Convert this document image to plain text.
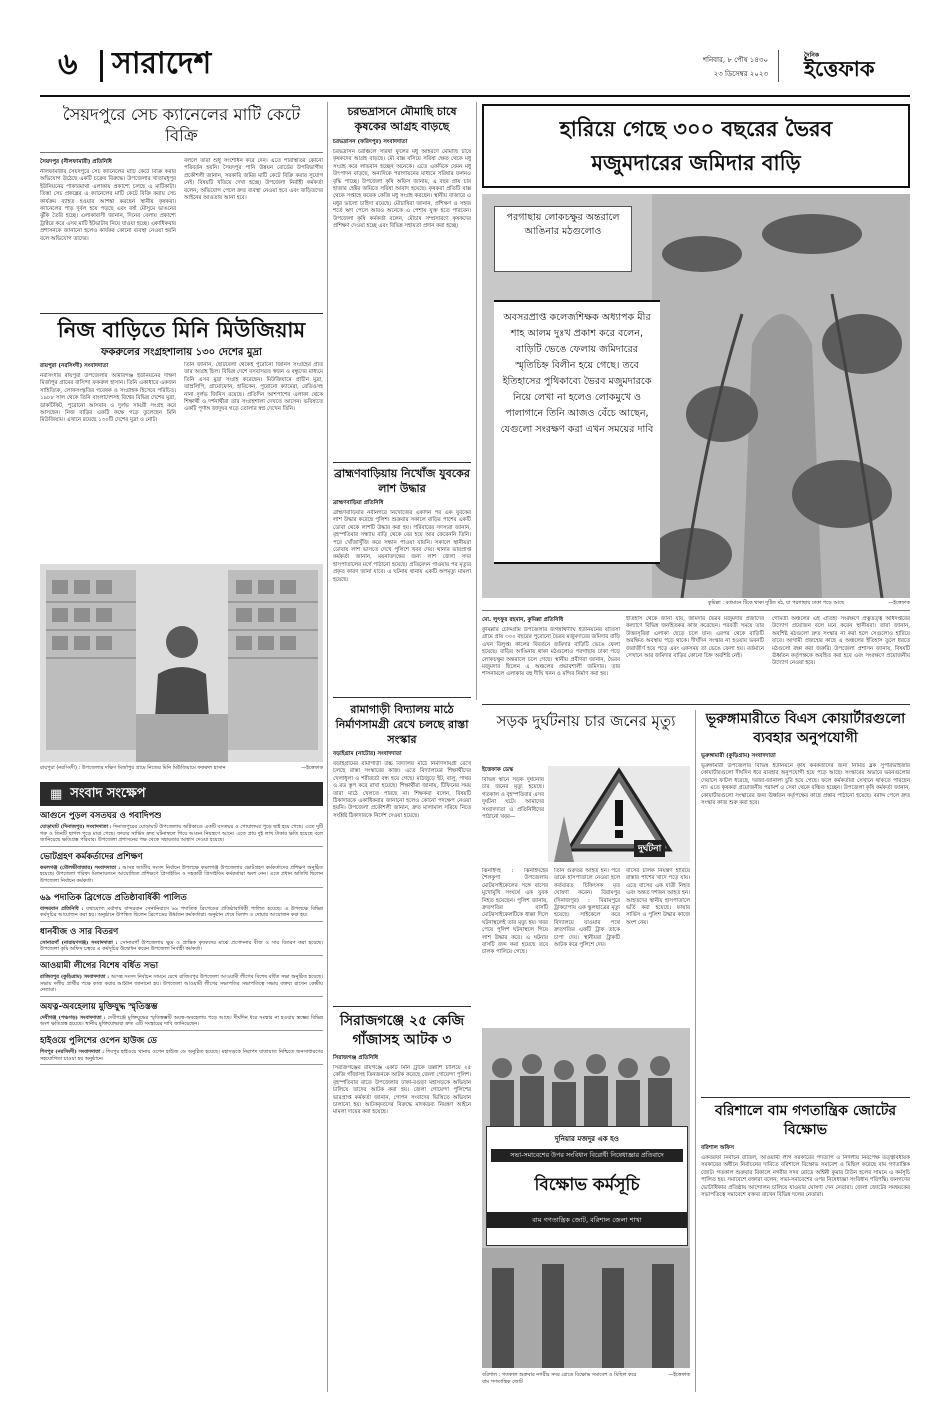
৬ সারাদেশ	শনিবার, ৮ পৌষ ১৪৩০
২৩ ডিসেম্বর ২০২৩
দৈনিক
ইত্তেফাক
সৈয়দপুরে সেচ ক্যানেলের মাটি কেটে বিক্রি
সৈয়দপুর (নীলফামারী) প্রতিনিধি
নীলফামারীর সৈয়দপুরে সেচ ক্যানেলের মাটি কেটে বিক্রি করার অভিযোগ উঠেছে একটি চক্রের বিরুদ্ধে। উপজেলার খাতামধুপুর ইউনিয়নের পাকারমাথা এলাকায় প্রকাশ্যে চলছে এ মাটিকাটা। তিস্তা সেচ প্রকল্পের এ ক্যানেলের মাটি কেটে বিক্রি করায় সেচ কার্যক্রম ব্যাহত হওয়ার আশঙ্কা করছেন স্থানীয় কৃষকরা। ক্যানেলের পাড় দুর্বল হয়ে পড়ছে এবং বর্ষা মৌসুমে ভাঙনের ঝুঁকি তৈরি হচ্ছে। এলাকাবাসী জানান, দিনের বেলায় প্রকাশ্যে ট্রাক্টরে করে এসব মাটি ইটভাটায় নিয়ে যাওয়া হচ্ছে। একাধিকবার প্রশাসনকে জানানো হলেও কার্যকর কোনো ব্যবস্থা নেওয়া হয়নি বলে অভিযোগ তাদের।
বললে তারা শুধু সংশোধন করে দেন। এতে পরিস্থিতির কোনো পরিবর্তন হয়নি। সৈয়দপুর পানি উন্নয়ন বোর্ডের উপবিভাগীয় প্রকৌশলী জানান, সরকারি জমির মাটি কেটে বিক্রি করার সুযোগ নেই। বিষয়টি খতিয়ে দেখা হচ্ছে। উপজেলা নির্বাহী কর্মকর্তা বলেন, অভিযোগ পেলে দ্রুত ব্যবস্থা নেওয়া হবে এবং জড়িতদের আইনের আওতায় আনা হবে।
নিজ বাড়িতে মিনি মিউজিয়াম
ফকরুলের সংগ্রহশালায় ১৩০ দেশের মুদ্রা
রায়পুরা (নরসিংদী) সংবাদদাতা
নরসিংদীর রায়পুরা উপজেলার আমীরগঞ্জ ইউনিয়নের দক্ষিণ মির্জাপুর গ্রামের বাসিন্দা ফকরুল হাসান। তিনি একাধারে একজন সাহিত্যিক, লোকসংস্কৃতির গবেষক ও সংগ্রাহক হিসেবে পরিচিত। ১৯৮৮ সাল থেকে তিনি বাংলাদেশসহ বিশ্বের বিভিন্ন দেশের মুদ্রা, ডাকটিকিট, পুরোনো আসবাব ও দুর্লভ সামগ্রী সংগ্রহ করে আসছেন। নিজ বাড়ির একটি কক্ষে গড়ে তুলেছেন মিনি মিউজিয়াম। এখানে রয়েছে ১৩০টি দেশের মুদ্রা ও নোট।
তিনি জানান, ছোটবেলা থেকেই পুরোনো জিনিস সংগ্রহের প্রতি তার আগ্রহ ছিল। বিভিন্ন দেশে বসবাসরত স্বজন ও বন্ধুদের মাধ্যমে তিনি এসব মুদ্রা সংগ্রহ করেছেন। মিউজিয়ামে প্রাচীন মুদ্রা, তাম্রলিপি, গ্রামোফোন, হারিকেন, পুরোনো ক্যামেরা, রেডিওসহ নানা দুর্লভ জিনিস রয়েছে। প্রতিদিন আশপাশের এলাকা থেকে শিক্ষার্থী ও দর্শনার্থীরা তার সংগ্রহশালা দেখতে আসেন। ভবিষ্যতে একটি পূর্ণাঙ্গ জাদুঘর গড়ে তোলার স্বপ্ন দেখেন তিনি।
রায়পুরা (নরসিংদী) : উপজেলার দক্ষিণ মির্জাপুর গ্রামে নিজের মিনি মিউজিয়ামে ফকরুল হাসান	—ইত্তেফাক
▦ সংবাদ সংক্ষেপ
আগুনে পুড়ল বসতঘর ও গবাদিপশু
ঘোড়াঘাট (দিনাজপুর) সংবাদদাতা : দিনাজপুরের ঘোড়াঘাট উপজেলায় অগ্নিকাণ্ডে একটি বসতঘর ও গোয়ালঘর পুড়ে ছাই হয়ে গেছে। এতে দুটি গরু ও তিনটি ছাগল পুড়ে মারা গেছে। ফায়ার সার্ভিস দ্রুত ঘটনাস্থলে গিয়ে আগুন নিয়ন্ত্রণে আনে। এতে প্রায় দুই লাখ টাকার ক্ষতি হয়েছে বলে জানিয়েছে ক্ষতিগ্রস্ত পরিবার। উপজেলা প্রশাসনের পক্ষ থেকে সহায়তার আশ্বাস দেওয়া হয়েছে।
ভোটগ্রহণ কর্মকর্তাদের প্রশিক্ষণ
কমলগঞ্জ (মৌলভীবাজার) সংবাদদাতা : আসন্ন জাতীয় সংসদ নির্বাচন উপলক্ষে কমলগঞ্জ উপজেলায় ভোটগ্রহণ কর্মকর্তাদের প্রশিক্ষণ অনুষ্ঠিত হয়েছে। উপজেলা পরিষদ মিলনায়তনে আয়োজিত প্রশিক্ষণে প্রিসাইডিং ও সহকারী প্রিসাইডিং কর্মকর্তারা অংশ নেন। এতে প্রধান অতিথি ছিলেন উপজেলা নির্বাচন কর্মকর্তা।
৬৯ পদাতিক ব্রিগেডে প্রতিষ্ঠাবার্ষিকী পালিত
বান্দরবান প্রতিনিধি : যথাযোগ্য মর্যাদায় বান্দরবান সেনানিবাসে ৬৯ পদাতিক ব্রিগেডের প্রতিষ্ঠাবার্ষিকী পালিত হয়েছে। এ উপলক্ষে বিভিন্ন কর্মসূচির আয়োজন করা হয়। অনুষ্ঠানে উপস্থিত ছিলেন ব্রিগেডের উর্ধ্বতন কর্মকর্তারা। অনুষ্ঠান শেষে মিলাদ ও দোয়ার আয়োজন করা হয়।
ধানবীজ ও সার বিতরণ
সোনারগাঁ (নারায়ণগঞ্জ) সংবাদদাতা : সোনারগাঁ উপজেলায় ক্ষুদ্র ও প্রান্তিক কৃষকদের মাঝে প্রণোদনার বীজ ও সার বিতরণ করা হয়েছে। উপজেলা কৃষি অফিস চত্বরে এ কর্মসূচির উদ্বোধন করেন উপজেলা নির্বাহী কর্মকর্তা।
আওয়ামী লীগের বিশেষ বর্ধিত সভা
রাজিবপুর (কুড়িগ্রাম) সংবাদদাতা : আসন্ন সংসদ নির্বাচন সামনে রেখে রাজিবপুর উপজেলা আওয়ামী লীগের বিশেষ বর্ধিত সভা অনুষ্ঠিত হয়েছে। সভায় দলীয় প্রার্থীর পক্ষে কাজ করার আহ্বান জানানো হয়। উপজেলা আওয়ামী লীগের সভাপতির সভাপতিত্বে সভায় বক্তব্য রাখেন কেন্দ্রীয় নেতারা।
অযত্ন-অবহেলায় মুক্তিযুদ্ধ স্মৃতিস্তম্ভ
দেবীগঞ্জ (পঞ্চগড়) সংবাদদাতা : দেবীগঞ্জে মুক্তিযুদ্ধের স্মৃতিস্তম্ভটি অযত্ন-অবহেলায় পড়ে আছে। দীর্ঘদিন ধরে সংস্কার না হওয়ায় স্তম্ভের বিভিন্ন অংশ ক্ষতিগ্রস্ত হয়েছে। স্থানীয় মুক্তিযোদ্ধারা দ্রুত এটি সংস্কারের দাবি জানিয়েছেন।
হাইওয়ে পুলিশের ওপেন হাউজ ডে
শিবপুর (নরসিংদী) সংবাদদাতা : শিবপুর হাইওয়ে থানায় ওপেন হাউজ ডে অনুষ্ঠিত হয়েছে। মহাসড়কে নিরাপদ যাতায়াত নিশ্চিতে জনসাধারণের সহযোগিতা চাওয়া হয় অনুষ্ঠানে।
চরভদ্রাসনে মৌমাছি চাষে কৃষকের আগ্রহ বাড়ছে
চরভদ্রাসন (ফরিদপুর) সংবাদদাতা
চরভদ্রাসন চরাঞ্চলে সরিষা ফুলের মধু আহরণে মৌমাছি চাষে কৃষকদের আগ্রহ বাড়ছে। মৌ বাক্স বসিয়ে সরিষা ক্ষেত থেকে মধু সংগ্রহ করে লাভবান হচ্ছেন অনেকে। এতে একদিকে যেমন মধু উৎপাদন বাড়ছে, অন্যদিকে পরাগায়নের মাধ্যমে সরিষার ফলনও বৃদ্ধি পাচ্ছে। উপজেলা কৃষি অফিস জানায়, এ বছর প্রায় চার হাজার হেক্টর জমিতে সরিষা আবাদ হয়েছে। কৃষকরা প্রতিটি বাক্স থেকে সপ্তাহে কয়েক কেজি মধু সংগ্রহ করছেন। স্থানীয় বাজারে এ মধুর ভালো চাহিদা রয়েছে। মৌচাষিরা জানান, প্রশিক্ষণ ও সহজ শর্তে ঋণ পেলে আরও অনেকে এ পেশায় যুক্ত হতে পারবেন। উপজেলা কৃষি কর্মকর্তা বলেন, মৌচাষ সম্প্রসারণে কৃষকদের প্রশিক্ষণ দেওয়া হচ্ছে এবং বিভিন্ন সহায়তা প্রদান করা হচ্ছে।
ব্রাহ্মণবাড়িয়ায় নিখোঁজ যুবকের লাশ উদ্ধার
ব্রাহ্মণবাড়িয়া প্রতিনিধি
ব্রাহ্মণবাড়িয়ার নবীনগরে নিখোঁজের একদিন পর এক যুবকের লাশ উদ্ধার করেছে পুলিশ। শুক্রবার সকালে বাড়ির পাশের একটি ডোবা থেকে লাশটি উদ্ধার করা হয়। পরিবারের সদস্যরা জানান, বৃহস্পতিবার সন্ধ্যায় বাড়ি থেকে বের হয়ে আর ফেরেননি তিনি। পরে খোঁজাখুঁজি করে সন্ধান পাওয়া যায়নি। সকালে স্থানীয়রা ডোবায় লাশ ভাসতে দেখে পুলিশে খবর দেয়। থানার ভারপ্রাপ্ত কর্মকর্তা জানান, ময়নাতদন্তের জন্য লাশ জেলা সদর হাসপাতালের মর্গে পাঠানো হয়েছে। প্রতিবেদন পাওয়ার পর মৃত্যুর প্রকৃত কারণ জানা যাবে। এ ঘটনায় থানায় একটি অপমৃত্যু মামলা হয়েছে।
রামাগাড়ী বিদ্যালয় মাঠে নির্মাণসামগ্রী রেখে চলছে রাস্তা সংস্কার
বড়াইগ্রাম (নাটোর) সংবাদদাতা
বড়াইগ্রামের রামাগাড়ী উচ্চ বিদ্যালয় মাঠে নির্মাণসামগ্রী রেখে চলছে রাস্তা সংস্কারের কাজ। এতে বিদ্যালয়ের শিক্ষার্থীদের খেলাধুলা ও শরীরচর্চা বন্ধ হয়ে গেছে। মাঠজুড়ে ইট, বালু, পাথর ও রড স্তূপ করে রাখা হয়েছে। শিক্ষার্থীরা জানায়, টিফিনের সময় তারা মাঠে খেলতে পারছে না। শিক্ষকরা বলেন, বিষয়টি ঠিকাদারকে একাধিকবার জানানো হলেও কোনো পদক্ষেপ নেওয়া হয়নি। উপজেলা প্রকৌশলী জানান, দ্রুত মালামাল সরিয়ে নিতে সংশ্লিষ্ট ঠিকাদারকে নির্দেশ দেওয়া হয়েছে।
সিরাজগঞ্জে ২৫ কেজি গাঁজাসহ আটক ৩
সিরাজগঞ্জ প্রতিনিধি
সিরাজগঞ্জের রায়গঞ্জে একটি মিনি ট্রাকে তল্লাশি চালিয়ে ২৫ কেজি গাঁজাসহ তিনজনকে আটক করেছে জেলা গোয়েন্দা পুলিশ। বৃহস্পতিবার রাতে উপজেলার ঢাকা-বগুড়া মহাসড়কে অভিযান চালিয়ে তাদের আটক করা হয়। জেলা গোয়েন্দা পুলিশের ভারপ্রাপ্ত কর্মকর্তা জানান, গোপন সংবাদের ভিত্তিতে অভিযান চালানো হয়। আটককৃতদের বিরুদ্ধে মাদকদ্রব্য নিয়ন্ত্রণ আইনে মামলা দায়ের করা হয়েছে।
হারিয়ে গেছে ৩০০ বছরের ভৈরব
মজুমদারের জমিদার বাড়ি
পরগাছায় লোকচক্ষুর অন্তরালে আঙিনার মঠগুলোও
অবসরপ্রাপ্ত কলেজশিক্ষক অধ্যাপক মীর শাহ আলম দুঃখ প্রকাশ করে বলেন, বাড়িটি ভেঙে ফেলায় জমিদারের স্মৃতিচিহ্ন বিলীন হয়ে গেছে। তবে ইতিহাসের পুথিকাব্যে ভৈরব মজুমদারকে নিয়ে লেখা না হলেও লোকমুখে ও পালাগানে তিনি আজও বেঁচে আছেন, যেগুলো সংরক্ষণ করা এখন সময়ের দাবি
কুমিল্লা : বর্তমানে টিকে থাকা দুটিত মঠ, যা পরগাছায় ঢাকা পড়ে আছে	—ইত্তেফাক
মো. লুৎফুর রহমান, কুমিল্লা প্রতিনিধি
কুমিল্লার চৌদ্দগ্রাম উপজেলার জগন্নাথদীঘি ইউনিয়নের বাতিসা গ্রামে প্রায় ৩০০ বছরের পুরোনো ভৈরব মজুমদারের জমিদার বাড়ি এখন বিলুপ্ত। কালের বিবর্তনে জমিদার বাড়িটি ভেঙে ফেলা হয়েছে। বাড়ির আঙিনায় থাকা মঠগুলোও পরগাছায় ঢাকা পড়ে লোকচক্ষুর অন্তরালে চলে গেছে। স্থানীয় প্রবীণরা জানান, ভৈরব মজুমদার ছিলেন এ অঞ্চলের প্রভাবশালী জমিদার। তার শাসনামলে এলাকায় বহু দীঘি খনন ও মন্দির নির্মাণ করা হয়।
ইতিহাস থেকে জানা যায়, জমিদার ভৈরব মজুমদার প্রজাদের কল্যাণে বিভিন্ন জনহিতকর কাজ করেছেন। পরবর্তী সময়ে তার উত্তরসূরিরা এলাকা ছেড়ে চলে যান। এরপর থেকে বাড়িটি অরক্ষিত অবস্থায় পড়ে থাকে। দীর্ঘদিন সংস্কার না হওয়ায় ভবনটি জরাজীর্ণ হয়ে পড়ে এবং একসময় তা ভেঙে ফেলা হয়। বর্তমানে সেখানে আর জমিদার বাড়ির কোনো চিহ্ন অবশিষ্ট নেই।
গোমতী অঞ্চলের এই ঐতিহ্য সংরক্ষণে প্রত্নতত্ত্ব অধিদপ্তরের উদ্যোগ প্রয়োজন বলে মনে করেন স্থানীয়রা। তারা জানান, অবশিষ্ট মঠগুলো দ্রুত সংস্কার না করা হলে সেগুলোও হারিয়ে যাবে। আগামী প্রজন্মের কাছে এ অঞ্চলের ইতিহাস তুলে ধরতে মঠগুলো রক্ষা করা জরুরি। উপজেলা প্রশাসন জানায়, বিষয়টি ঊর্ধ্বতন কর্তৃপক্ষকে অবহিত করা হবে এবং সংরক্ষণে প্রয়োজনীয় উদ্যোগ নেওয়া হবে।
সড়ক দুর্ঘটনায় চার জনের মৃত্যু
ইত্তেফাক ডেস্ক
বিভিন্ন স্থানে সড়ক দুর্ঘটনায় চার জনের মৃত্যু হয়েছে। গতকাল ও বৃহস্পতিবার এসব দুর্ঘটনা ঘটে। আমাদের সংবাদদাতা ও প্রতিনিধিদের পাঠানো খবর—
দুর্ঘটনা
ঝিনাইদহ : ঝিনাইদহের শৈলকুপা উপজেলায় মোটরসাইকেলের সঙ্গে বাসের মুখোমুখি সংঘর্ষে এক যুবক নিহত হয়েছেন। পুলিশ জানায়, দ্রুতগতির বাসটি মোটরসাইকেলটিকে ধাক্কা দিলে ঘটনাস্থলেই তার মৃত্যু হয়। খবর পেয়ে পুলিশ ঘটনাস্থলে গিয়ে লাশ উদ্ধার করে। এ ঘটনায় বাসটি জব্দ করা হয়েছে তবে চালক পালিয়ে গেছে।
তিনি গুরুতর আহত হন। পরে তাকে হাসপাতালে নেওয়া হলে কর্তব্যরত চিকিৎসক মৃত ঘোষণা করেন। বিরামপুর (দিনাজপুর) : বিরামপুরে ট্রাকচাপায় এক স্কুলছাত্রের মৃত্যু হয়েছে। সাইকেলে করে বিদ্যালয়ে যাওয়ার পথে দ্রুতগতির একটি ট্রাক তাকে চাপা দেয়। স্থানীয়রা ট্রাকটি আটক করে পুলিশে দেয়।
বাসের চালক নিয়ন্ত্রণ হারিয়ে রাস্তার পাশের খাদে পড়ে যায়। এতে বাসের এক যাত্রী নিহত এবং অন্তত দশজন আহত হন। আহতদের স্থানীয় হাসপাতালে ভর্তি করা হয়েছে। ফায়ার সার্ভিস ও পুলিশ উদ্ধার কাজে অংশ নেয়।
দুনিয়ার মজদুর এক হও
সভা-সমাবেশের উপর সংবিধান বিরোধী নিষেধাজ্ঞার প্রতিবাদে
বিক্ষোভ কর্মসূচি
বাম গণতান্ত্রিক জোট, বরিশাল জেলা শাখা
বরিশাল : গতকাল শুক্রবার নগরীর সদর রোডে বিক্ষোভ সমাবেশ ও মিছিল করে বাম গণতান্ত্রিক জোট
—ইত্তেফাক
ভূরুঙ্গামারীতে বিএস কোয়ার্টারগুলো ব্যবহার অনুপযোগী
ভূরুঙ্গামারী (কুড়িগ্রাম) সংবাদদাতা
ভূরুঙ্গামারী উপজেলার বিভিন্ন ইউনিয়নে কৃষি কর্মকর্তাদের জন্য নির্মিত ব্লক সুপারভাইজার কোয়ার্টারগুলো দীর্ঘদিন ধরে ব্যবহার অনুপযোগী হয়ে পড়ে আছে। সংস্কারের অভাবে ভবনগুলোর দেয়ালে ফাটল ধরেছে, দরজা-জানালা চুরি হয়ে গেছে। ফলে কর্মকর্তারা সেখানে থাকতে পারছেন না। এতে কৃষকরা প্রয়োজনীয় পরামর্শ ও সেবা থেকে বঞ্চিত হচ্ছেন। উপজেলা কৃষি কর্মকর্তা জানান, কোয়ার্টারগুলো সংস্কারের জন্য ঊর্ধ্বতন কর্তৃপক্ষের কাছে প্রস্তাব পাঠানো হয়েছে। বরাদ্দ পেলে দ্রুত সংস্কার কাজ শুরু করা হবে।
বরিশালে বাম গণতান্ত্রিক জোটের বিক্ষোভ
বরিশাল অফিস
একতরফা নির্বাচন বাতিল, আওয়ামী লীগ সরকারের পদত্যাগ ও নির্দলীয় নিরপেক্ষ তত্ত্বাবধায়ক সরকারের অধীনে নির্বাচনের দাবিতে বরিশালে বিক্ষোভ সমাবেশ ও মিছিল করেছে বাম গণতান্ত্রিক জোট। গতকাল শুক্রবার বিকালে নগরীর সদর রোডে অশ্বিনী কুমার টাউন হলের সামনে এ কর্মসূচি পালিত হয়। সমাবেশে বক্তারা বলেন, সভা-সমাবেশের ওপর নিষেধাজ্ঞা সংবিধান পরিপন্থি। জনগণের ভোটাধিকার প্রতিষ্ঠায় আন্দোলন চালিয়ে যাওয়ার ঘোষণা দেন নেতারা। জেলা জোটের সমন্বয়কের সভাপতিত্বে সমাবেশে বক্তব্য রাখেন বিভিন্ন দলের নেতারা।
